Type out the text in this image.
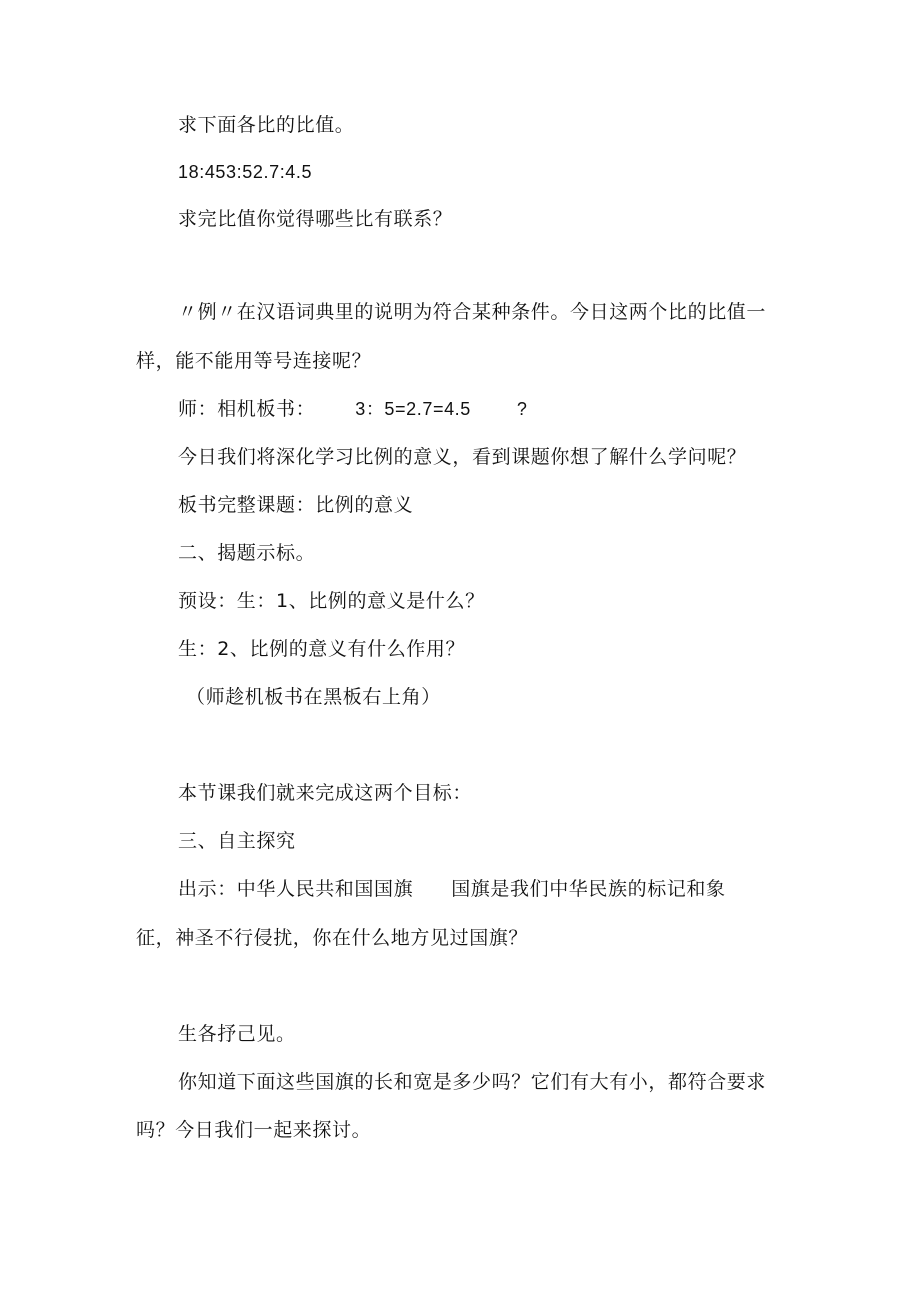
求下面各比的比值。
18:453:52.7:4.5
求完比值你觉得哪些比有联系？
〃例〃在汉语词典里的说明为符合某种条件。今日这两个比的比值一
样，能不能用等号连接呢？
师：相机板书： 3：5=2.7=4.5	?
今日我们将深化学习比例的意义，看到课题你想了解什么学问呢？
板书完整课题：比例的意义
二、揭题示标。
预设：生：1、比例的意义是什么？
生：2、比例的意义有什么作用？
（师趁机板书在黑板右上角）
本节课我们就来完成这两个目标：
三、自主探究
出示：中华人民共和国国旗 国旗是我们中华民族的标记和象
征，神圣不行侵扰，你在什么地方见过国旗？
生各抒己见。
你知道下面这些国旗的长和宽是多少吗？它们有大有小，都符合要求
吗？今日我们一起来探讨。
